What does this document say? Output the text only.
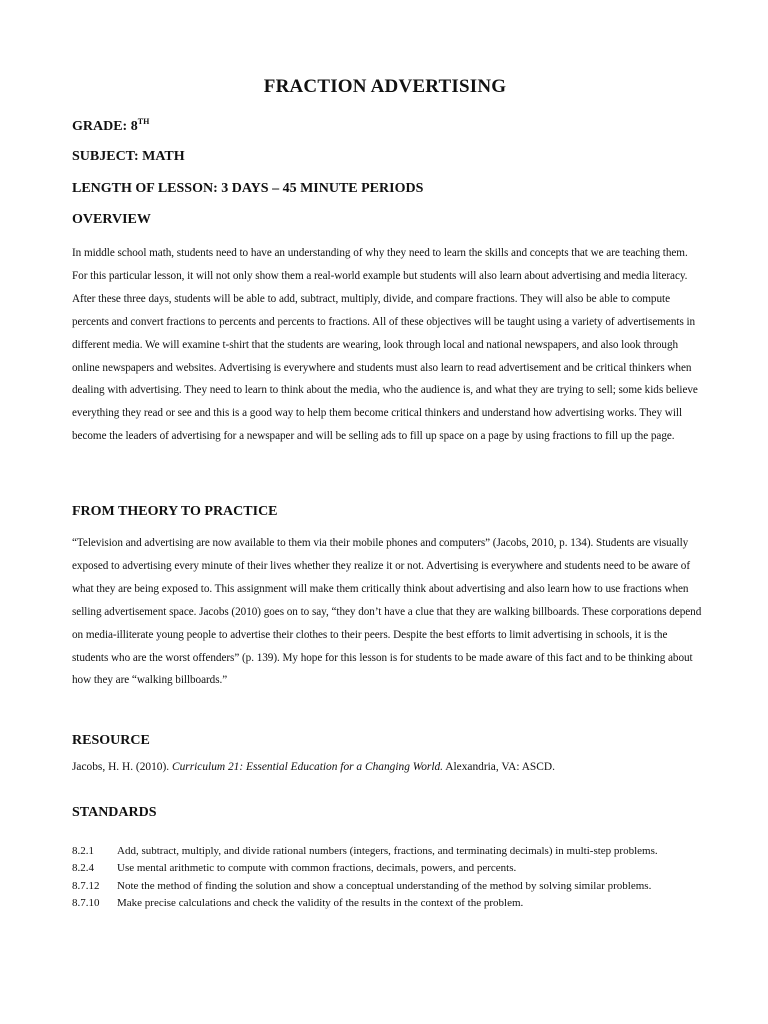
FRACTION ADVERTISING
GRADE: 8TH
SUBJECT: MATH
LENGTH OF LESSON: 3 DAYS – 45 MINUTE PERIODS
OVERVIEW

In middle school math, students need to have an understanding of why they need to learn the skills and concepts that we are teaching them. For this particular lesson, it will not only show them a real-world example but students will also learn about advertising and media literacy. After these three days, students will be able to add, subtract, multiply, divide, and compare fractions. They will also be able to compute percents and convert fractions to percents and percents to fractions. All of these objectives will be taught using a variety of advertisements in different media. We will examine t-shirt that the students are wearing, look through local and national newspapers, and also look through online newspapers and websites. Advertising is everywhere and students must also learn to read advertisement and be critical thinkers when dealing with advertising. They need to learn to think about the media, who the audience is, and what they are trying to sell; some kids believe everything they read or see and this is a good way to help them become critical thinkers and understand how advertising works. They will become the leaders of advertising for a newspaper and will be selling ads to fill up space on a page by using fractions to fill up the page.

FROM THEORY TO PRACTICE

“Television and advertising are now available to them via their mobile phones and computers” (Jacobs, 2010, p. 134). Students are visually exposed to advertising every minute of their lives whether they realize it or not. Advertising is everywhere and students need to be aware of what they are being exposed to. This assignment will make them critically think about advertising and also learn how to use fractions when selling advertisement space. Jacobs (2010) goes on to say, “they don’t have a clue that they are walking billboards. These corporations depend on media-illiterate young people to advertise their clothes to their peers. Despite the best efforts to limit advertising in schools, it is the students who are the worst offenders” (p. 139). My hope for this lesson is for students to be made aware of this fact and to be thinking about how they are “walking billboards.”

RESOURCE
Jacobs, H. H. (2010). Curriculum 21: Essential Education for a Changing World. Alexandria, VA: ASCD.
STANDARDS
8.2.1	Add, subtract, multiply, and divide rational numbers (integers, fractions, and terminating decimals) in multi-step problems.
8.2.4	Use mental arithmetic to compute with common fractions, decimals, powers, and percents.
8.7.12	Note the method of finding the solution and show a conceptual understanding of the method by solving similar problems.
8.7.10	Make precise calculations and check the validity of the results in the context of the problem.
